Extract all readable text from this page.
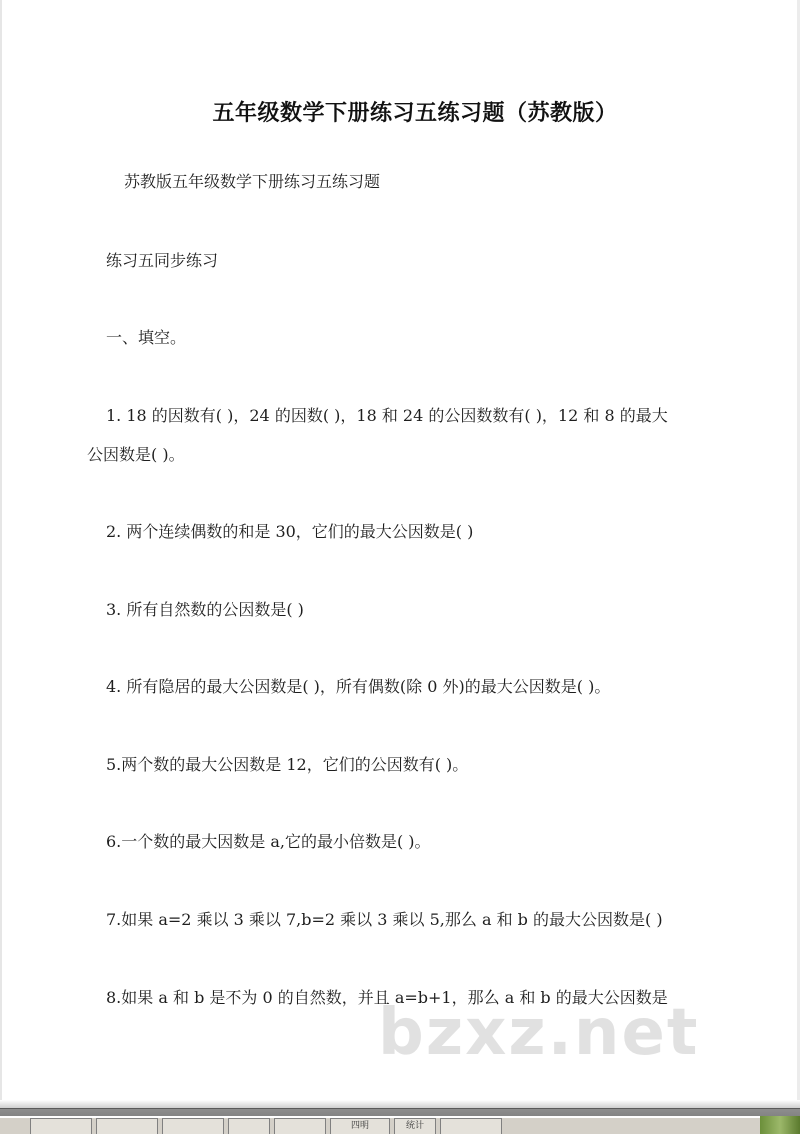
五年级数学下册练习五练习题（苏教版）
苏教版五年级数学下册练习五练习题
练习五同步练习
一、填空。
1. 18 的因数有( )，24 的因数( )，18 和 24 的公因数数有( )，12 和 8 的最大
公因数是( )。
2. 两个连续偶数的和是 30，它们的最大公因数是( )
3. 所有自然数的公因数是( )
4. 所有隐居的最大公因数是( )，所有偶数(除 0 外)的最大公因数是( )。
5.两个数的最大公因数是 12，它们的公因数有( )。
6.一个数的最大因数是 a,它的最小倍数是( )。
7.如果 a=2 乘以 3 乘以 7,b=2 乘以 3 乘以 5,那么 a 和 b 的最大公因数是( )
8.如果 a 和 b 是不为 0 的自然数，并且 a=b+1，那么 a 和 b 的最大公因数是
bzxz.net
四明	统计
